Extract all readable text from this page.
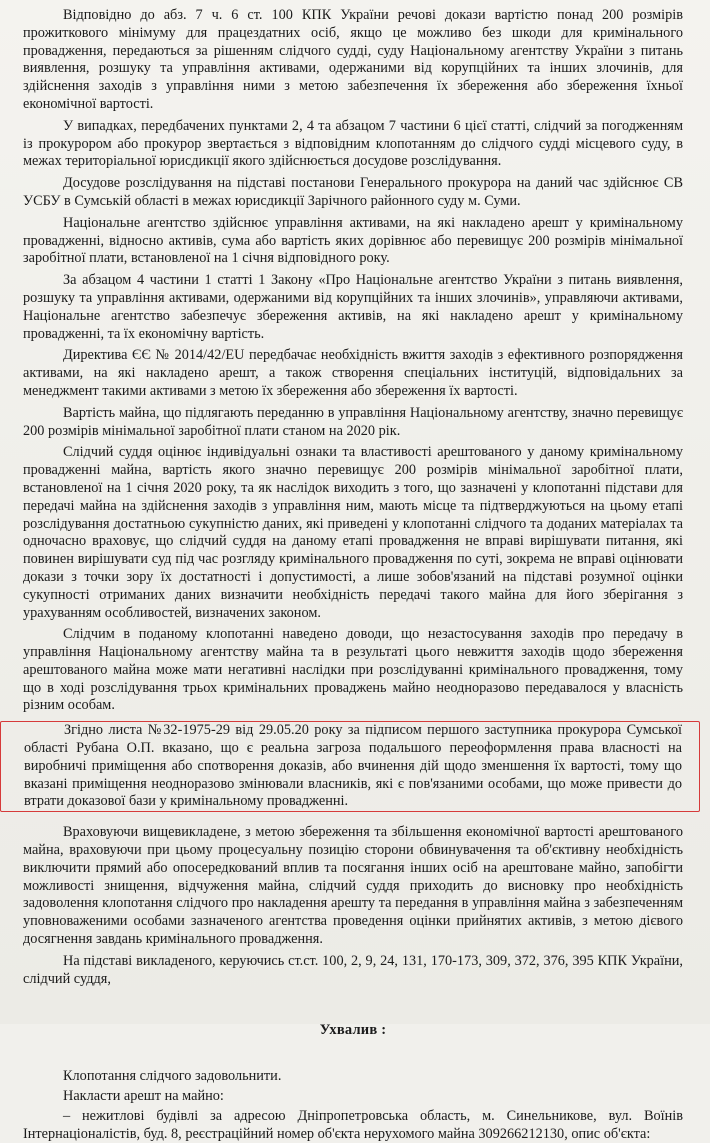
Відповідно до абз. 7 ч. 6 ст. 100 КПК України речові докази вартістю понад 200 розмірів прожиткового мінімуму для працездатних осіб, якщо це можливо без шкоди для кримінального провадження, передаються за рішенням слідчого судді, суду Національному агентству України з питань виявлення, розшуку та управління активами, одержаними від корупційних та інших злочинів, для здійснення заходів з управління ними з метою забезпечення їх збереження або збереження їхньої економічної вартості.

У випадках, передбачених пунктами 2, 4 та абзацом 7 частини 6 цієї статті, слідчий за погодженням із прокурором або прокурор звертається з відповідним клопотанням до слідчого судді місцевого суду, в межах територіальної юрисдикції якого здійснюється досудове розслідування.

Досудове розслідування на підставі постанови Генерального прокурора на даний час здійснює СВ УСБУ в Сумській області в межах юрисдикції Зарічного районного суду м. Суми.

Національне агентство здійснює управління активами, на які накладено арешт у кримінальному провадженні, відносно активів, сума або вартість яких дорівнює або перевищує 200 розмірів мінімальної заробітної плати, встановленої на 1 січня відповідного року.

За абзацом 4 частини 1 статті 1 Закону «Про Національне агентство України з питань виявлення, розшуку та управління активами, одержаними від корупційних та інших злочинів», управляючи активами, Національне агентство забезпечує збереження активів, на які накладено арешт у кримінальному провадженні, та їх економічну вартість.

Директива ЄЄ № 2014/42/EU передбачає необхідність вжиття заходів з ефективного розпорядження активами, на які накладено арешт, а також створення спеціальних інституцій, відповідальних за менеджмент такими активами з метою їх збереження або збереження їх вартості.

Вартість майна, що підлягають переданню в управління Національному агентству, значно перевищує 200 розмірів мінімальної заробітної плати станом на 2020 рік.

Слідчий суддя оцінює індивідуальні ознаки та властивості арештованого у даному кримінальному провадженні майна, вартість якого значно перевищує 200 розмірів мінімальної заробітної плати, встановленої на 1 січня 2020 року, та як наслідок виходить з того, що зазначені у клопотанні підстави для передачі майна на здійснення заходів з управління ним, мають місце та підтверджуються на цьому етапі розслідування достатньою сукупністю даних, які приведені у клопотанні слідчого та доданих матеріалах та одночасно враховує, що слідчий суддя на даному етапі провадження не вправі вирішувати питання, які повинен вирішувати суд під час розгляду кримінального провадження по суті, зокрема не вправі оцінювати докази з точки зору їх достатності і допустимості, а лише зобов'язаний на підставі розумної оцінки сукупності отриманих даних визначити необхідність передачі такого майна для його зберігання з урахуванням особливостей, визначених законом.

Слідчим в поданому клопотанні наведено доводи, що незастосування заходів про передачу в управління Національному агентству майна та в результаті цього невжиття заходів щодо збереження арештованого майна може мати негативні наслідки при розслідуванні кримінального провадження, тому що в ході розслідування трьох кримінальних проваджень майно неодноразово передавалося у власність різним особам.

Згідно листа №32-1975-29 від 29.05.20 року за підписом першого заступника прокурора Сумської області Рубана О.П. вказано, що є реальна загроза подальшого переоформлення права власності на виробничі приміщення або спотворення доказів, або вчинення дій щодо зменшення їх вартості, тому що вказані приміщення неодноразово змінювали власників, які є пов'язаними особами, що може привести до втрати доказової бази у кримінальному провадженні.

Враховуючи вищевикладене, з метою збереження та збільшення економічної вартості арештованого майна, враховуючи при цьому процесуальну позицію сторони обвинувачення та об'єктивну необхідність виключити прямий або опосередкований вплив та посягання інших осіб на арештоване майно, запобігти можливості знищення, відчуження майна, слідчий суддя приходить до висновку про необхідність задоволення клопотання слідчого про накладення арешту та передання в управління майна з забезпеченням уповноваженими особами зазначеного агентства проведення оцінки прийнятих активів, з метою дієвого досягнення завдань кримінального провадження.

На підставі викладеного, керуючись ст.ст. 100, 2, 9, 24, 131, 170-173, 309, 372, 376, 395 КПК України, слідчий суддя,

Ухвалив :

Клопотання слідчого задовольнити.

Накласти арешт на майно:

– нежитлові будівлі за адресою Дніпропетровська область, м. Синельникове, вул. Воїнів Інтернаціоналістів, буд. 8, реєстраційний номер об'єкта нерухомого майна 309266212130, опис об'єкта:
